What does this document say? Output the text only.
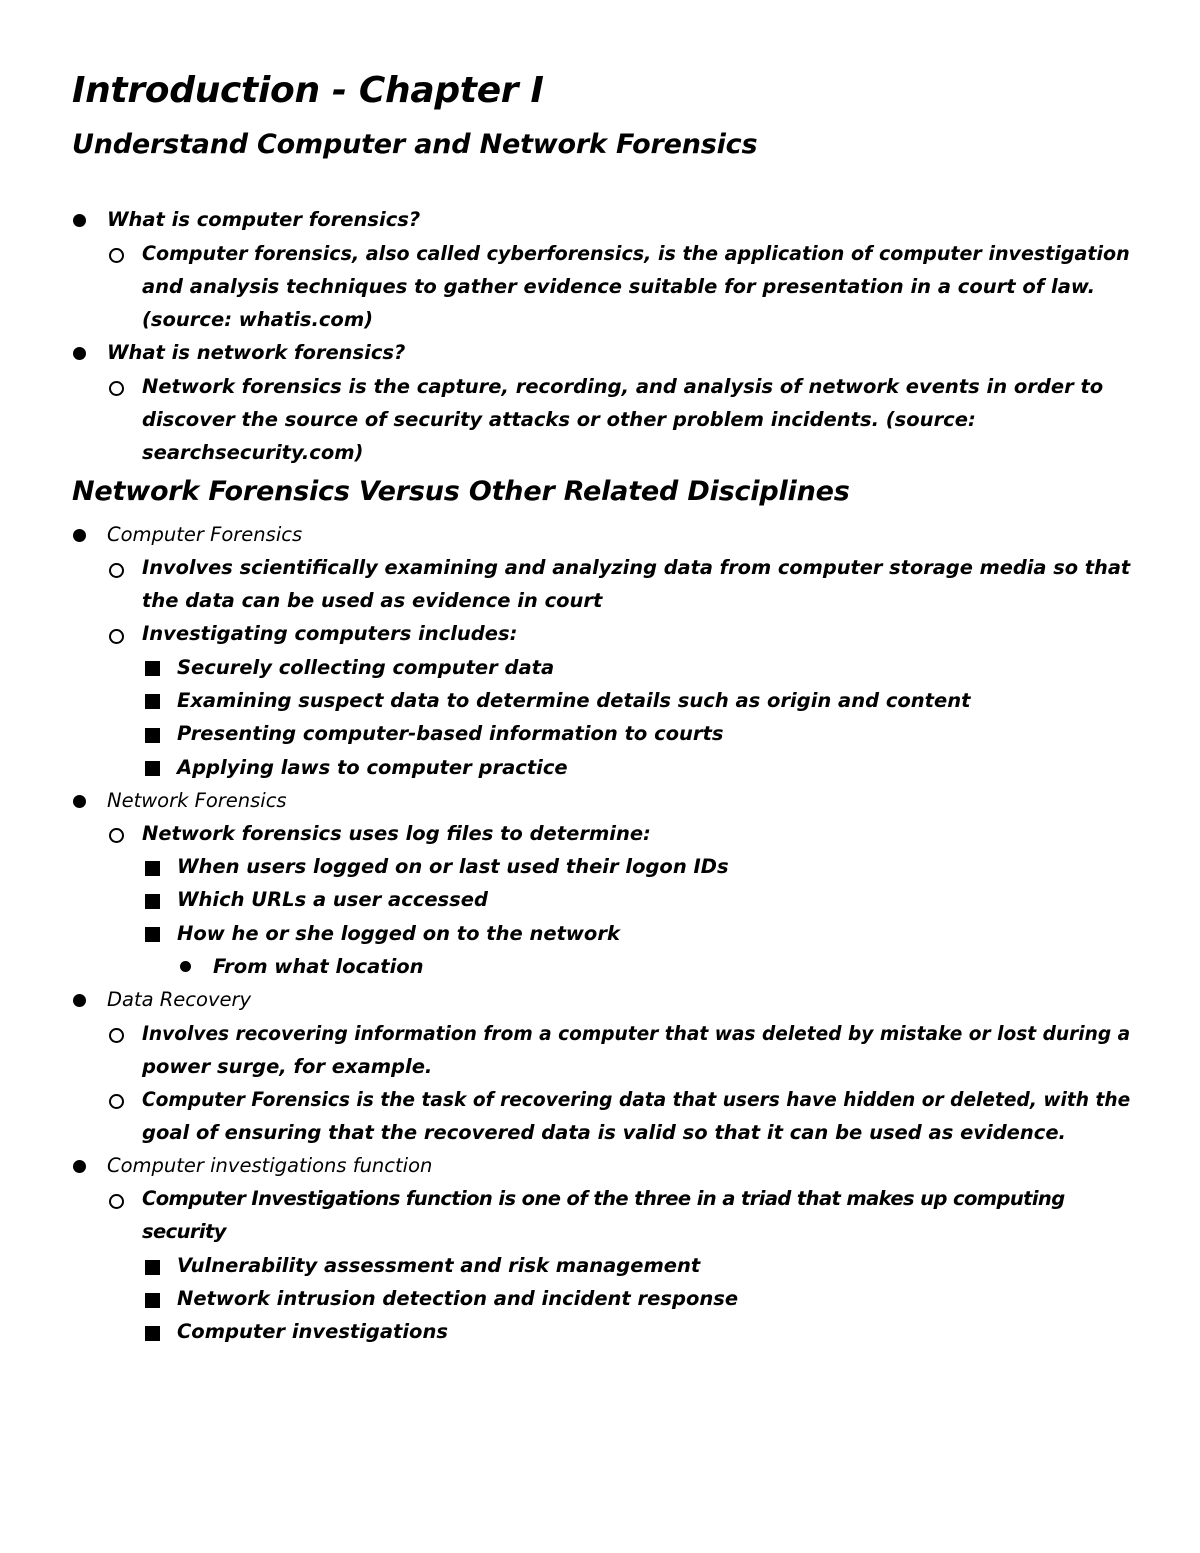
Introduction - Chapter I
Understand Computer and Network Forensics
What is computer forensics?
Computer forensics, also called cyberforensics, is the application of computer investigation
and analysis techniques to gather evidence suitable for presentation in a court of law.
(source: whatis.com)
What is network forensics?
Network forensics is the capture, recording, and analysis of network events in order to
discover the source of security attacks or other problem incidents. (source:
searchsecurity.com)
Network Forensics Versus Other Related Disciplines
Computer Forensics
Involves scientifically examining and analyzing data from computer storage media so that
the data can be used as evidence in court
Investigating computers includes:
Securely collecting computer data
Examining suspect data to determine details such as origin and content
Presenting computer-based information to courts
Applying laws to computer practice
Network Forensics
Network forensics uses log files to determine:
When users logged on or last used their logon IDs
Which URLs a user accessed
How he or she logged on to the network
From what location
Data Recovery
Involves recovering information from a computer that was deleted by mistake or lost during a
power surge, for example.
Computer Forensics is the task of recovering data that users have hidden or deleted, with the
goal of ensuring that the recovered data is valid so that it can be used as evidence.
Computer investigations function
Computer Investigations function is one of the three in a triad that makes up computing
security
Vulnerability assessment and risk management
Network intrusion detection and incident response
Computer investigations
